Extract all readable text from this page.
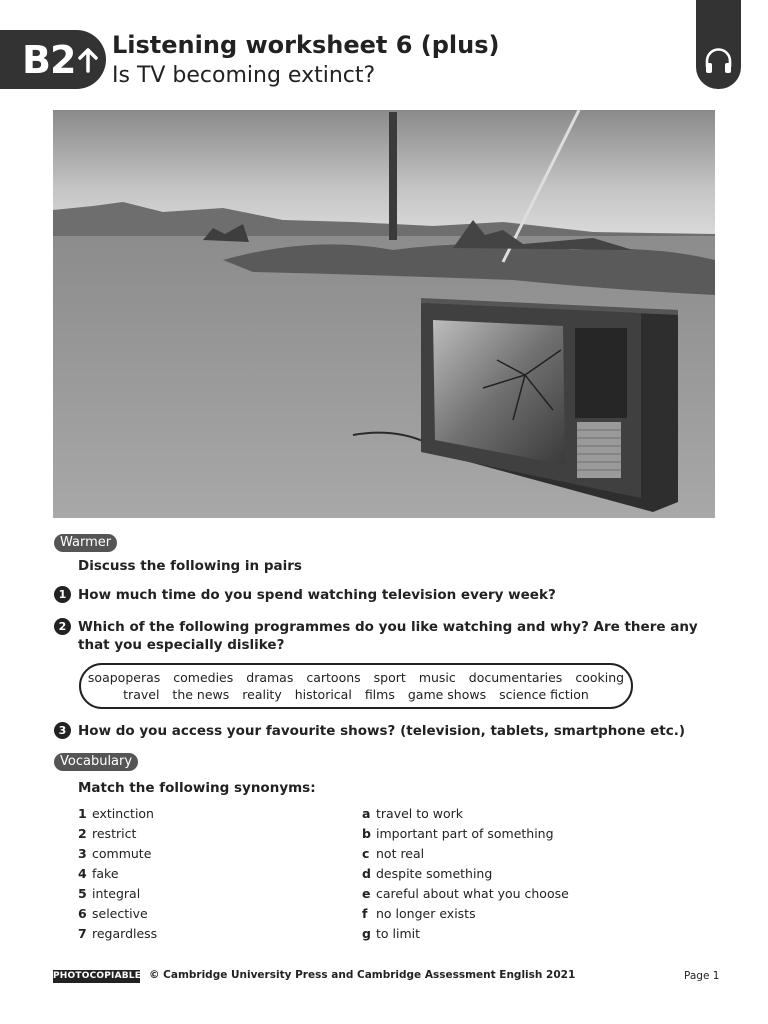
B2 Listening worksheet 6 (plus)
Is TV becoming extinct?
Warmer
Discuss the following in pairs
1 How much time do you spend watching television every week?
2 Which of the following programmes do you like watching and why? Are there any that you especially dislike?
soapoperas comedies dramas cartoons sport music documentaries cooking
travel the news reality historical films game shows science fiction
3 How do you access your favourite shows? (television, tablets, smartphone etc.)
Vocabulary
Match the following synonyms:
1 extinction
2 restrict
3 commute
4 fake
5 integral
6 selective
7 regardless
a travel to work
b important part of something
c not real
d despite something
e careful about what you choose
f no longer exists
g to limit
PHOTOCOPIABLE © Cambridge University Press and Cambridge Assessment English 2021	Page 1
